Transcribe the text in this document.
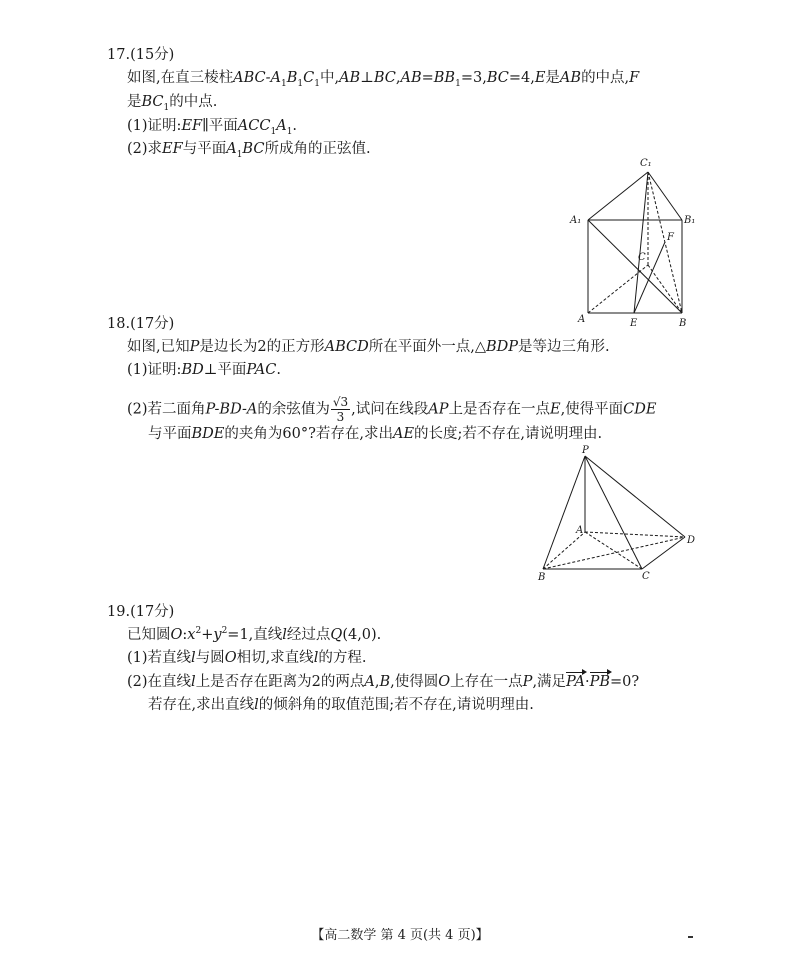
17.(15分)
如图,在直三棱柱ABC-$A_1B_1C_1$中$,AB\perp BC,AB=BB_1=3,BC=4,E$是AB的中点,F
是$BC_1$的中点.
(1)证明:EF∥平面$ACC_1A_1$.
(2)求EF与平面$A_1BC$所成角的正弦值.
C₁
A₁	B₁
F
C
A	E	B
18.(17分)
如图,已知P是边长为2的正方形ABCD所在平面外一点,△BDP是等边三角形.
(1)证明:BD⊥平面PAC.
(2)若二面角P-BD-A的余弦值为 $\frac{√3}{3}$ ,试问在线段AP上是否存在一点E,使得平面CDE
与平面BDE的夹角为60°?若存在,求出AE的长度;若不存在,请说明理由.
P
A
D
B	C
19.(17分)
已知圆$O:x^2+y^2=1$,直线l经过点Q(4,0).
(1)若直线l与圆O相切,求直线l的方程.
(2)在直线l上是否存在距离为2的两点A,B,使得圆O上存在一点P,满足PA·PB=0?
若存在,求出直线l的倾斜角的取值范围;若不存在,请说明理由.
【高二数学 第 4 页(共 4 页)】
